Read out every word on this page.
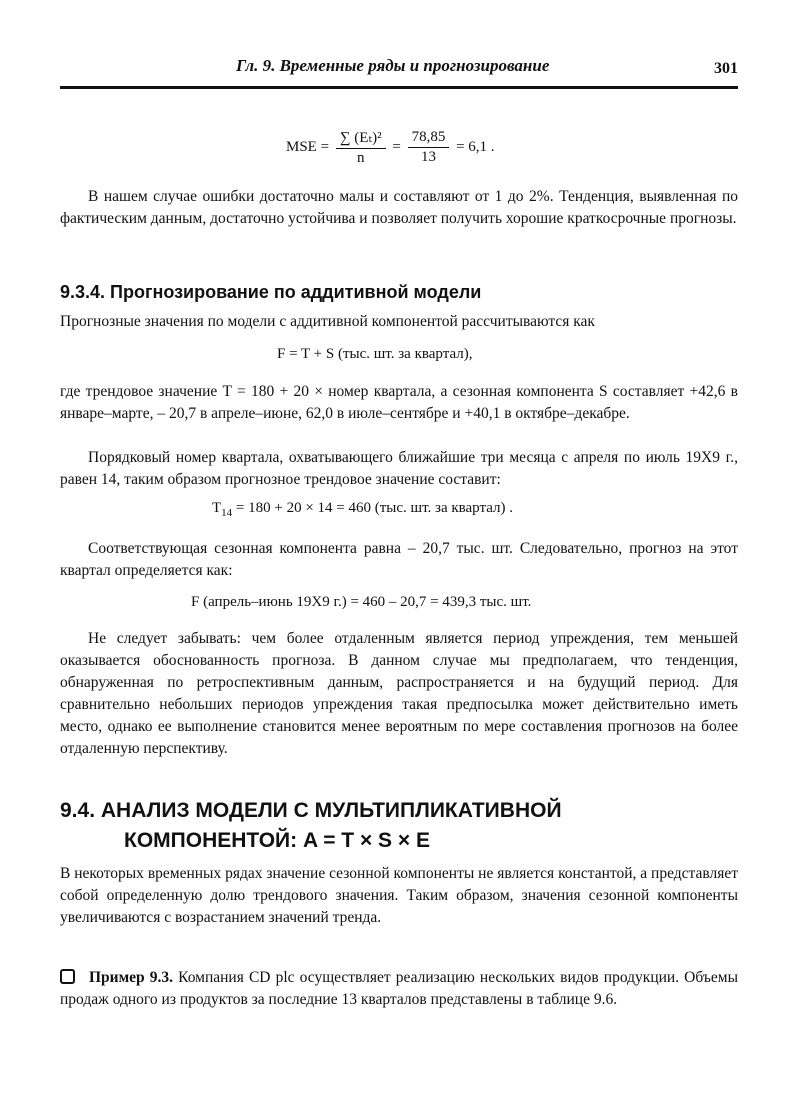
Гл. 9. Временные ряды и прогнозирование	301
MSE = $\frac{\text{∑ (Eₜ)²}}{n} = \frac{78,85}{13} = 6,1$ .

В нашем случае ошибки достаточно малы и составляют от 1 до 2%. Тенденция, выявленная по фактическим данным, достаточно устойчива и позволяет получить хорошие краткосрочные прогнозы.

9.3.4. Прогнозирование по аддитивной модели

Прогнозные значения по модели с аддитивной компонентой рассчитываются как

F = T + S (тыс. шт. за квартал),

где трендовое значение T = 180 + 20 × номер квартала, а сезонная компонента S составляет +42,6 в январе–марте, – 20,7 в апреле–июне, 62,0 в июле–сентябре и +40,1 в октябре–декабре.

Порядковый номер квартала, охватывающего ближайшие три месяца с апреля по июль 19X9 г., равен 14, таким образом прогнозное трендовое значение составит:

$T_{14} = 180 + 20 \times 14 = 460$ (тыс. шт. за квартал) .

Соответствующая сезонная компонента равна – 20,7 тыс. шт. Следовательно, прогноз на этот квартал определяется как:

F (апрель–июнь 19X9 г.) = 460 – 20,7 = 439,3 тыс. шт.

Не следует забывать: чем более отдаленным является период упреждения, тем меньшей оказывается обоснованность прогноза. В данном случае мы предполагаем, что тенденция, обнаруженная по ретроспективным данным, распространяется и на будущий период. Для сравнительно небольших периодов упреждения такая предпосылка может действительно иметь место, однако ее выполнение становится менее вероятным по мере составления прогнозов на более отдаленную перспективу.

9.4. АНАЛИЗ МОДЕЛИ С МУЛЬТИПЛИКАТИВНОЙ
КОМПОНЕНТОЙ: A = T × S × E

В некоторых временных рядах значение сезонной компоненты не является константой, а представляет собой определенную долю трендового значения. Таким образом, значения сезонной компоненты увеличиваются с возрастанием значений тренда.

Пример 9.3. Компания CD plc осуществляет реализацию нескольких видов продукции. Объемы продаж одного из продуктов за последние 13 кварталов представлены в таблице 9.6.
